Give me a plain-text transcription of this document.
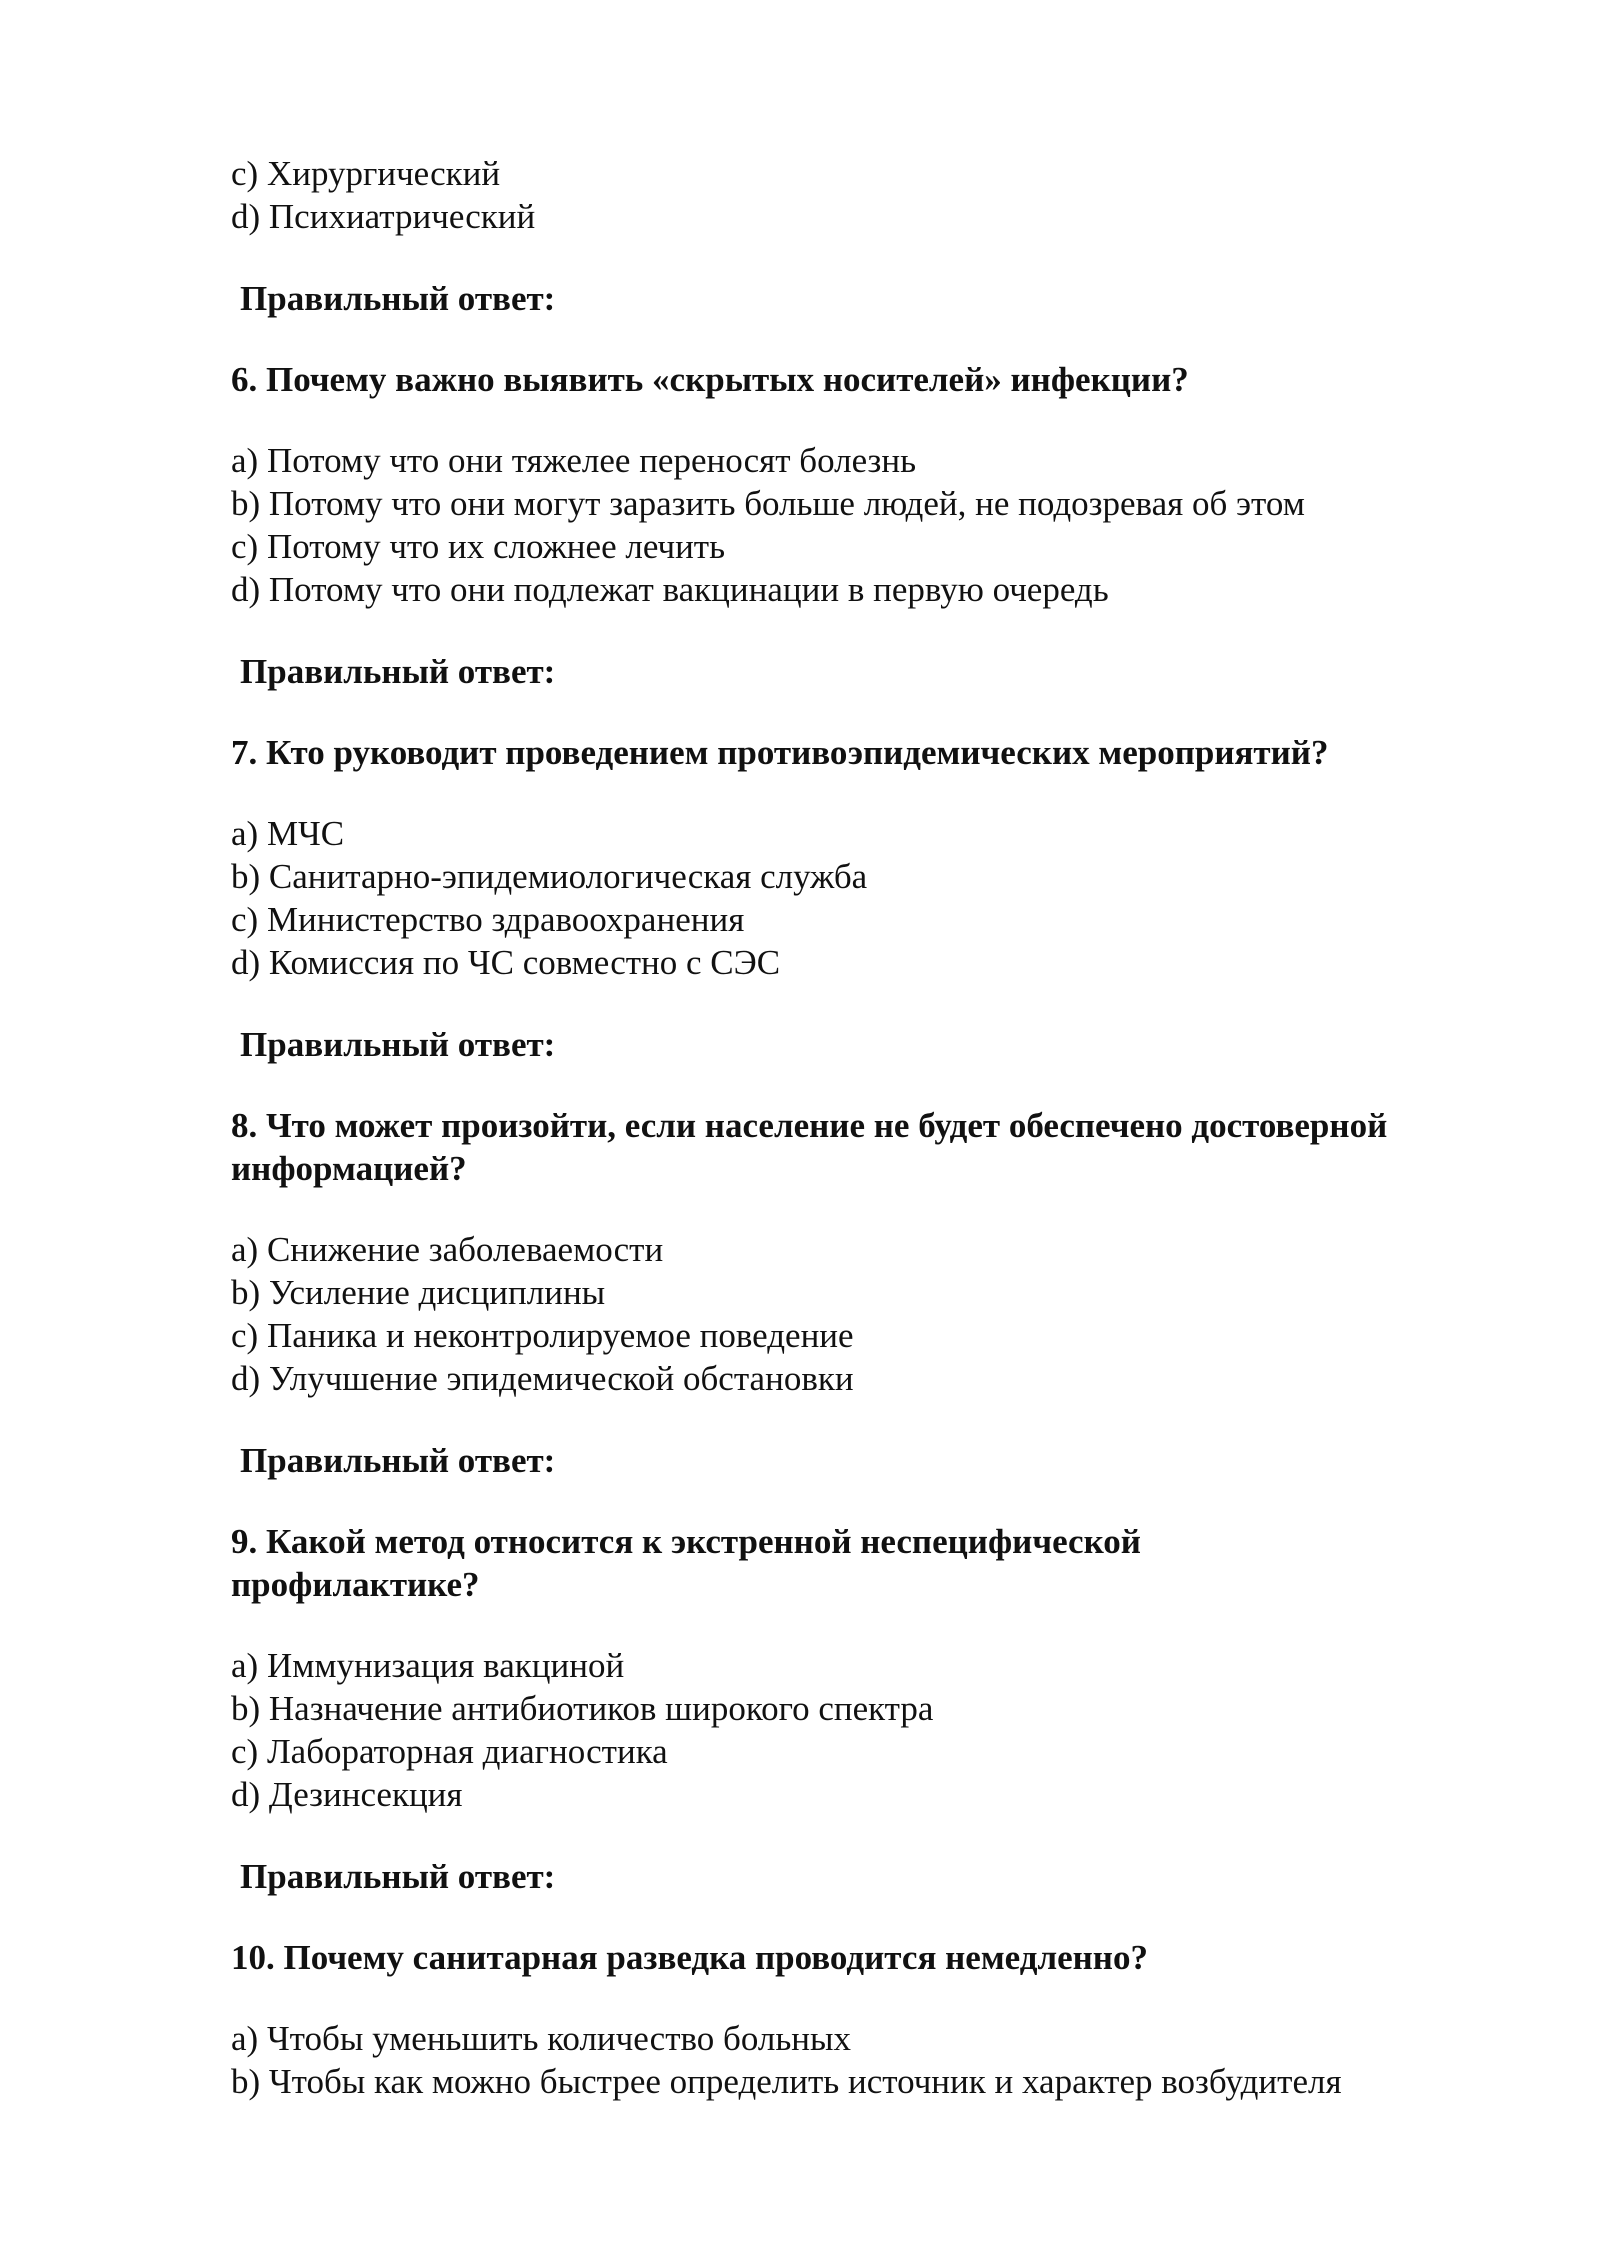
c) Хирургический
d) Психиатрический
Правильный ответ:
6. Почему важно выявить «скрытых носителей» инфекции?
a) Потому что они тяжелее переносят болезнь
b) Потому что они могут заразить больше людей, не подозревая об этом
c) Потому что их сложнее лечить
d) Потому что они подлежат вакцинации в первую очередь
Правильный ответ:
7. Кто руководит проведением противоэпидемических мероприятий?
a) МЧС
b) Санитарно-эпидемиологическая служба
c) Министерство здравоохранения
d) Комиссия по ЧС совместно с СЭС
Правильный ответ:
8. Что может произойти, если население не будет обеспечено достоверной информацией?
a) Снижение заболеваемости
b) Усиление дисциплины
c) Паника и неконтролируемое поведение
d) Улучшение эпидемической обстановки
Правильный ответ:
9. Какой метод относится к экстренной неспецифической профилактике?
a) Иммунизация вакциной
b) Назначение антибиотиков широкого спектра
c) Лабораторная диагностика
d) Дезинсекция
Правильный ответ:
10. Почему санитарная разведка проводится немедленно?
a) Чтобы уменьшить количество больных
b) Чтобы как можно быстрее определить источник и характер возбудителя
